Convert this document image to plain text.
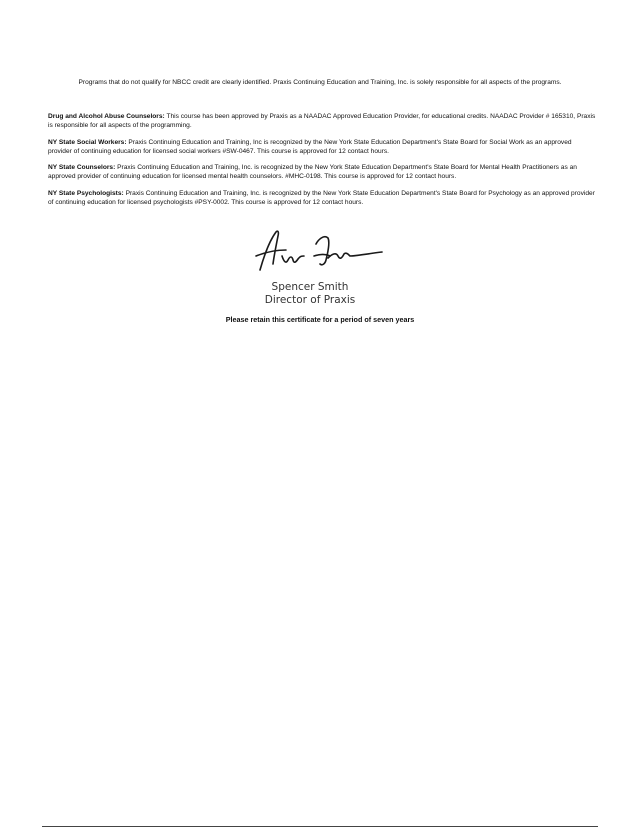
Programs that do not qualify for NBCC credit are clearly identified. Praxis Continuing Education and Training, Inc. is solely responsible for all aspects of the programs.
Drug and Alcohol Abuse Counselors: This course has been approved by Praxis as a NAADAC Approved Education Provider, for educational credits. NAADAC Provider # 165310, Praxis is responsible for all aspects of the programming.
NY State Social Workers: Praxis Continuing Education and Training, Inc is recognized by the New York State Education Department's State Board for Social Work as an approved provider of continuing education for licensed social workers #SW-0467. This course is approved for 12 contact hours.
NY State Counselors: Praxis Continuing Education and Training, Inc. is recognized by the New York State Education Department's State Board for Mental Health Practitioners as an approved provider of continuing education for licensed mental health counselors. #MHC-0198. This course is approved for 12 contact hours.
NY State Psychologists: Praxis Continuing Education and Training, Inc. is recognized by the New York State Education Department's State Board for Psychology as an approved provider of continuing education for licensed psychologists #PSY-0002. This course is approved for 12 contact hours.
Spencer Smith
Director of Praxis
Please retain this certificate for a period of seven years
